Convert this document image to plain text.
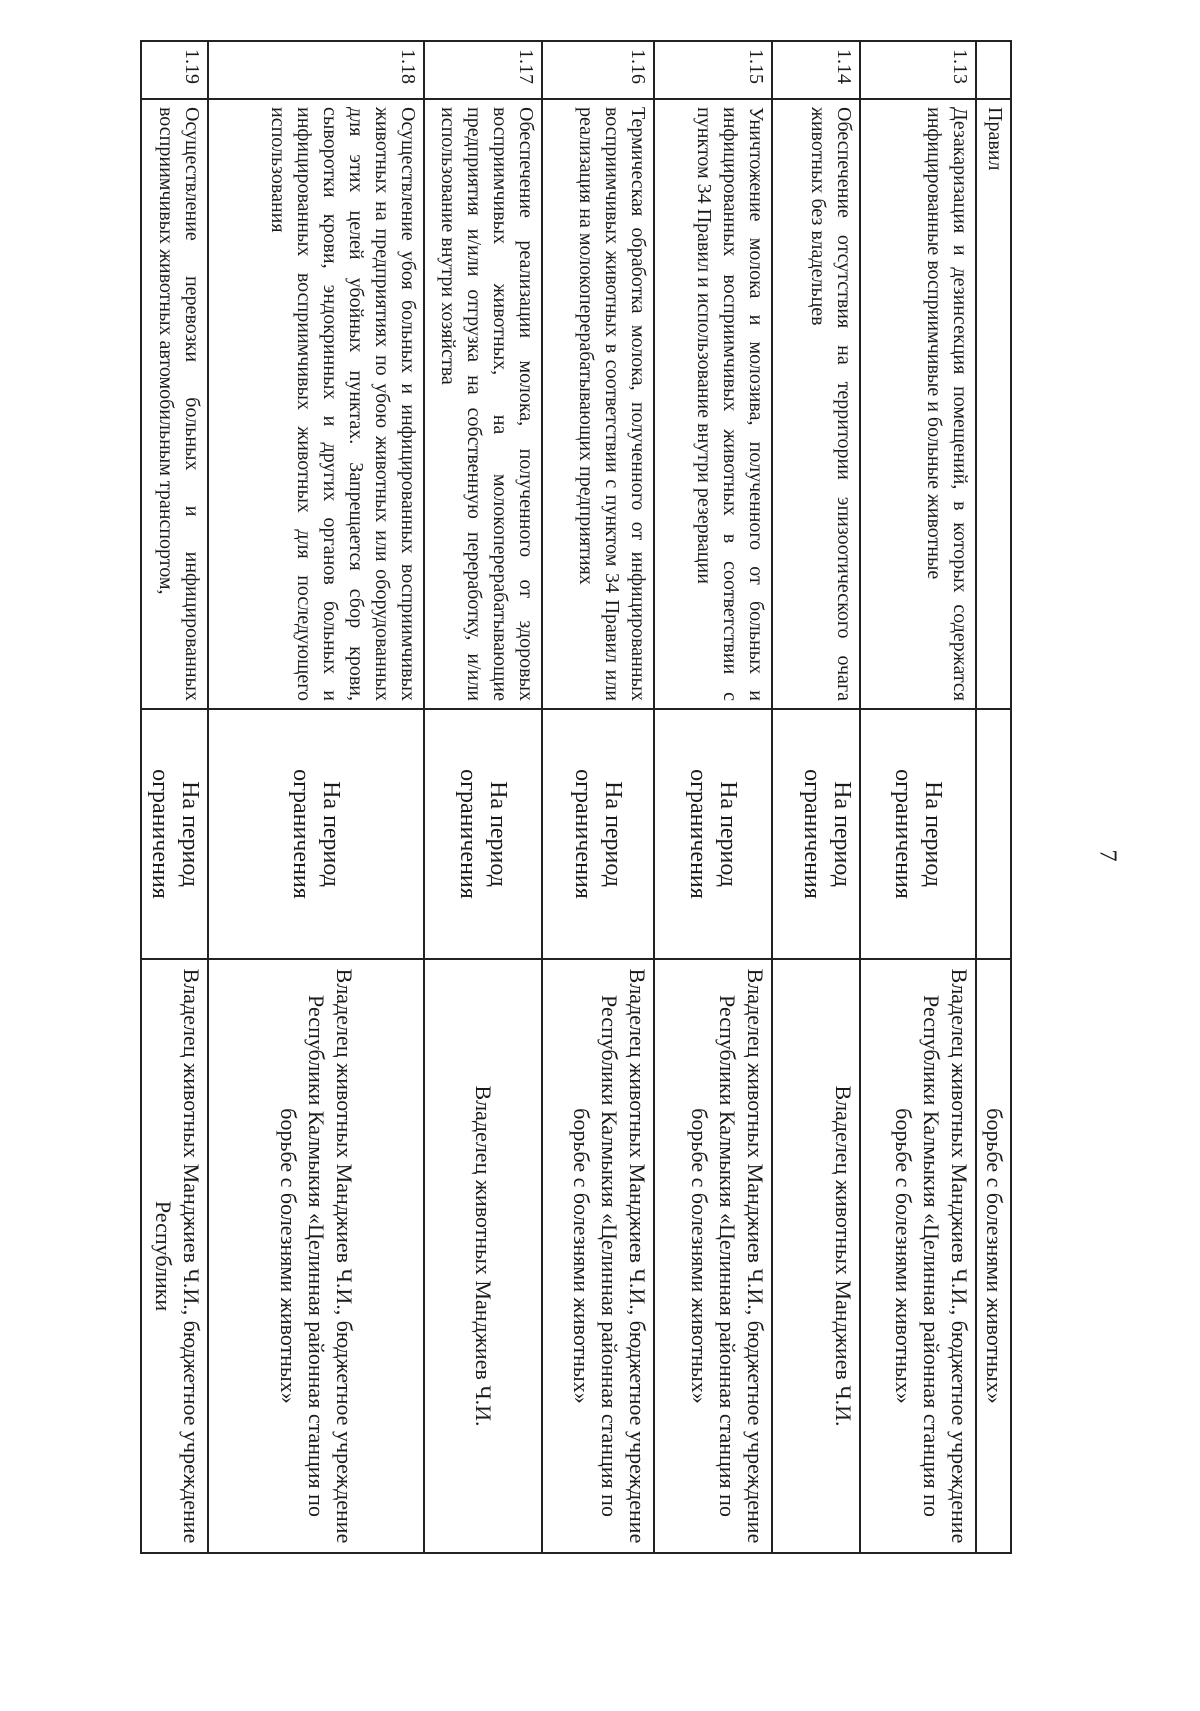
7
	Правил		борьбе с болезнями животных»
1.13	Дезакаризация и дезинсекция помещений, в которых содержатся инфицированные восприимчивые и больные животные	На период ограничения	Владелец животных Манджиев Ч.И., бюджетное учреждение Республики Калмыкия «Целинная районная станция по борьбе с болезнями животных»
1.14	Обеспечение отсутствия на территории эпизоотического очага животных без владельцев	На период ограничения	Владелец животных Манджиев Ч.И.
1.15	Уничтожение молока и молозива, полученного от больных и инфицированных восприимчивых животных в соответствии с пунктом 34 Правил и использование внутри резервации	На период ограничения	Владелец животных Манджиев Ч.И., бюджетное учреждение Республики Калмыкия «Целинная районная станция по борьбе с болезнями животных»
1.16	Термическая обработка молока, полученного от инфицированных восприимчивых животных в соответствии с пунктом 34 Правил или реализация на молокоперерабатывающих предприятиях	На период ограничения	Владелец животных Манджиев Ч.И., бюджетное учреждение Республики Калмыкия «Целинная районная станция по борьбе с болезнями животных»
1.17	Обеспечение реализации молока, полученного от здоровых восприимчивых животных, на молокоперерабатывающие предприятия и/или отгрузка на собственную переработку, и/или использование внутри хозяйства	На период ограничения	Владелец животных Манджиев Ч.И.
1.18	Осуществление убоя больных и инфицированных восприимчивых животных на предприятиях по убою животных или оборудованных для этих целей убойных пунктах. Запрещается сбор крови, сыворотки крови, эндокринных и других органов больных и инфицированных восприимчивых животных для последующего использования	На период ограничения	Владелец животных Манджиев Ч.И., бюджетное учреждение Республики Калмыкия «Целинная районная станция по борьбе с болезнями животных»
1.19	Осуществление перевозки больных и инфицированных восприимчивых животных автомобильным транспортом,	На период ограничения	Владелец животных Манджиев Ч.И., бюджетное учреждение Республики
